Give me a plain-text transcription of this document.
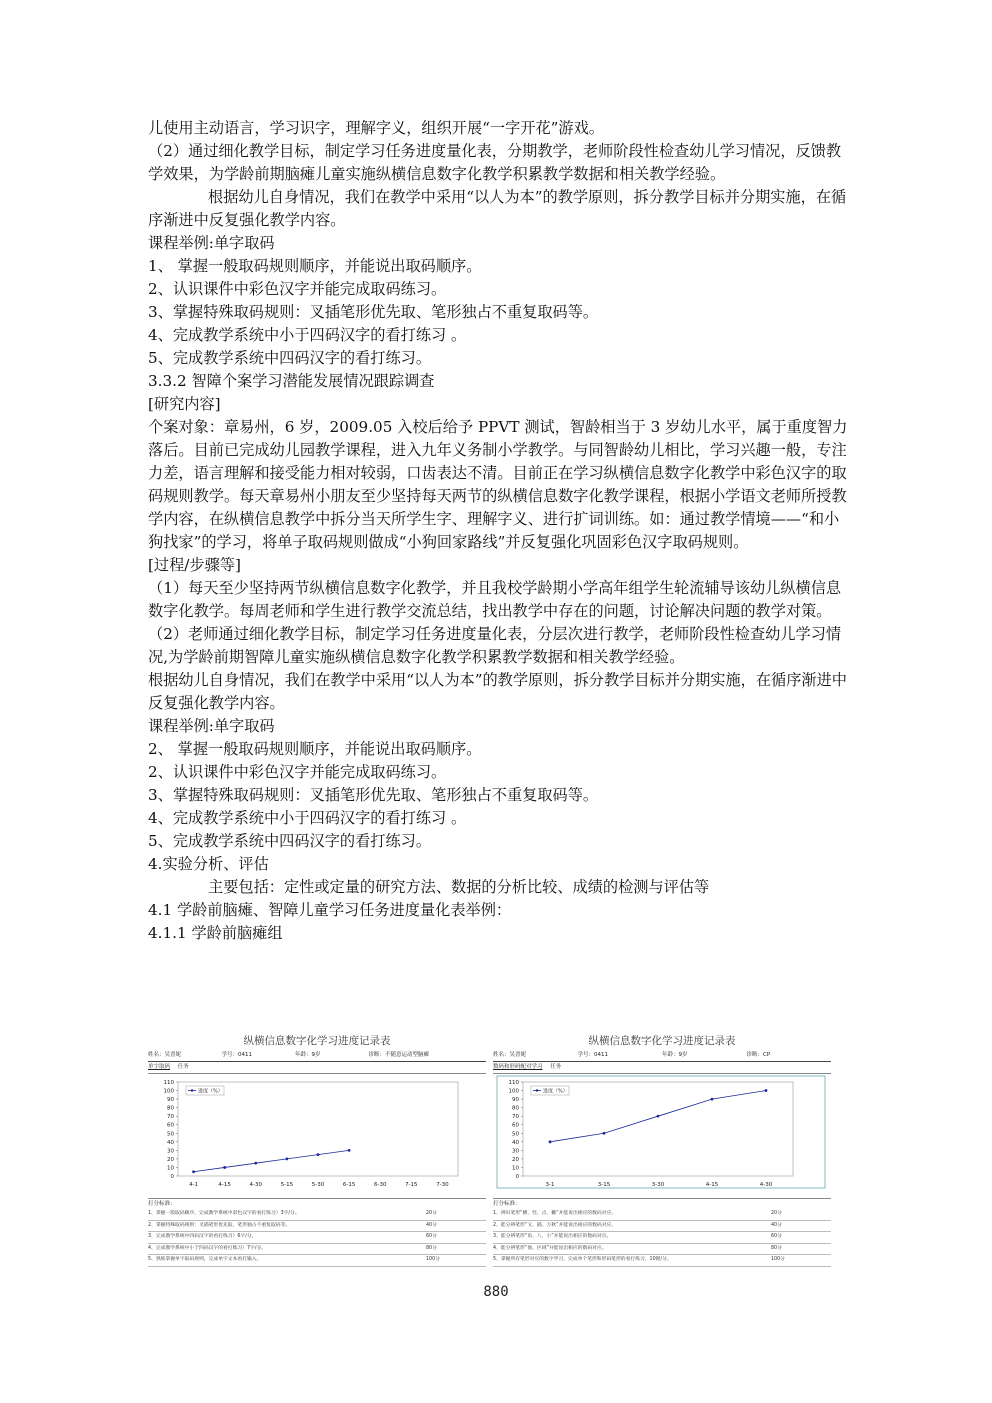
儿使用主动语言，学习识字，理解字义，组织开展“一字开花”游戏。

（2）通过细化教学目标，制定学习任务进度量化表，分期教学，老师阶段性检查幼儿学习情况，反馈教学效果，为学龄前期脑瘫儿童实施纵横信息数字化教学积累教学数据和相关教学经验。

根据幼儿自身情况，我们在教学中采用“以人为本”的教学原则，拆分教学目标并分期实施，在循序渐进中反复强化教学内容。

课程举例:单字取码

1、 掌握一般取码规则顺序，并能说出取码顺序。

2、认识课件中彩色汉字并能完成取码练习。

3、掌握特殊取码规则：叉插笔形优先取、笔形独占不重复取码等。

4、完成教学系统中小于四码汉字的看打练习 。

5、完成教学系统中四码汉字的看打练习。

3.3.2 智障个案学习潜能发展情况跟踪调查

[研究内容]

个案对象：章易州，6 岁，2009.05 入校后给予 PPVT 测试，智龄相当于 3 岁幼儿水平，属于重度智力落后。目前已完成幼儿园教学课程，进入九年义务制小学教学。与同智龄幼儿相比，学习兴趣一般，专注力差，语言理解和接受能力相对较弱，口齿表达不清。目前正在学习纵横信息数字化教学中彩色汉字的取码规则教学。每天章易州小朋友至少坚持每天两节的纵横信息数字化教学课程，根据小学语文老师所授教学内容，在纵横信息教学中拆分当天所学生字、理解字义、进行扩词训练。如：通过教学情境——“和小狗找家”的学习，将单子取码规则做成“小狗回家路线”并反复强化巩固彩色汉字取码规则。

[过程/步骤等]

（1）每天至少坚持两节纵横信息数字化教学，并且我校学龄期小学高年组学生轮流辅导该幼儿纵横信息数字化教学。每周老师和学生进行教学交流总结，找出教学中存在的问题，讨论解决问题的教学对策。

（2）老师通过细化教学目标，制定学习任务进度量化表，分层次进行教学，老师阶段性检查幼儿学习情况,为学龄前期智障儿童实施纵横信息数字化教学积累教学数据和相关教学经验。

根据幼儿自身情况，我们在教学中采用“以人为本”的教学原则，拆分教学目标并分期实施，在循序渐进中反复强化教学内容。

课程举例:单字取码

2、 掌握一般取码规则顺序，并能说出取码顺序。

2、认识课件中彩色汉字并能完成取码练习。

3、掌握特殊取码规则：叉插笔形优先取、笔形独占不重复取码等。

4、完成教学系统中小于四码汉字的看打练习 。

5、完成教学系统中四码汉字的看打练习。

4.实验分析、评估

主要包括：定性或定量的研究方法、数据的分析比较、成绩的检测与评估等

4.1 学龄前脑瘫、智障儿童学习任务进度量化表举例：

4.1.1 学龄前脑瘫组

纵横信息数字化学习进度记录表
姓名：吴晋妮	学号：0411	年龄：9岁	诊断：不随意运动型脑瘫
单字取码 任务
0
10
20
30
40
50
60
70
80
90
100
110
4-1	4-15	4-30	5-15	5-30	6-15	6-30	7-15	7-30
进度（%）
打分标准：
1、掌握一般取码顺序，完成教学系统中彩色汉字的看打练习）3字/分。	20分
2、掌握特殊取码规则：叉插笔形优先取、笔形独占不重复取码等。	40分
3、完成教学系统中四码汉字的看打练习）6字/分。	60分
4、完成教学系统中小于四码汉字的看打练习）7字/分。	80分
5、熟练掌握单字取码规则，完成单字文本看打输入。	100分
纵横信息数字化学习进度记录表
姓名：吴晋妮	学号：0411	年龄：9岁	诊断：CP
数码和形码配对学习 任务
0
10
20
30
40
50
60
70
80
90
100
110
3-1	3-15	3-30	4-15	4-30
进度（%）
打分标准：
1、辨识笔形“横、竖、点、撇”并能说出相应的数码对应。	20分
2、能分辨笔形“又、插、万秋”并能说出相应的数码对应。	40分
3、能分辨笔形“角、八、小”并能说出相应的数码对应。	60分
4、能分辨笔形“他、区域”并能说出相应的数码对应。	80分
5、掌握所有笔形对应的数字学习，完成单个笔形和形码笔形的看打练习，10键/分。	100分
880
